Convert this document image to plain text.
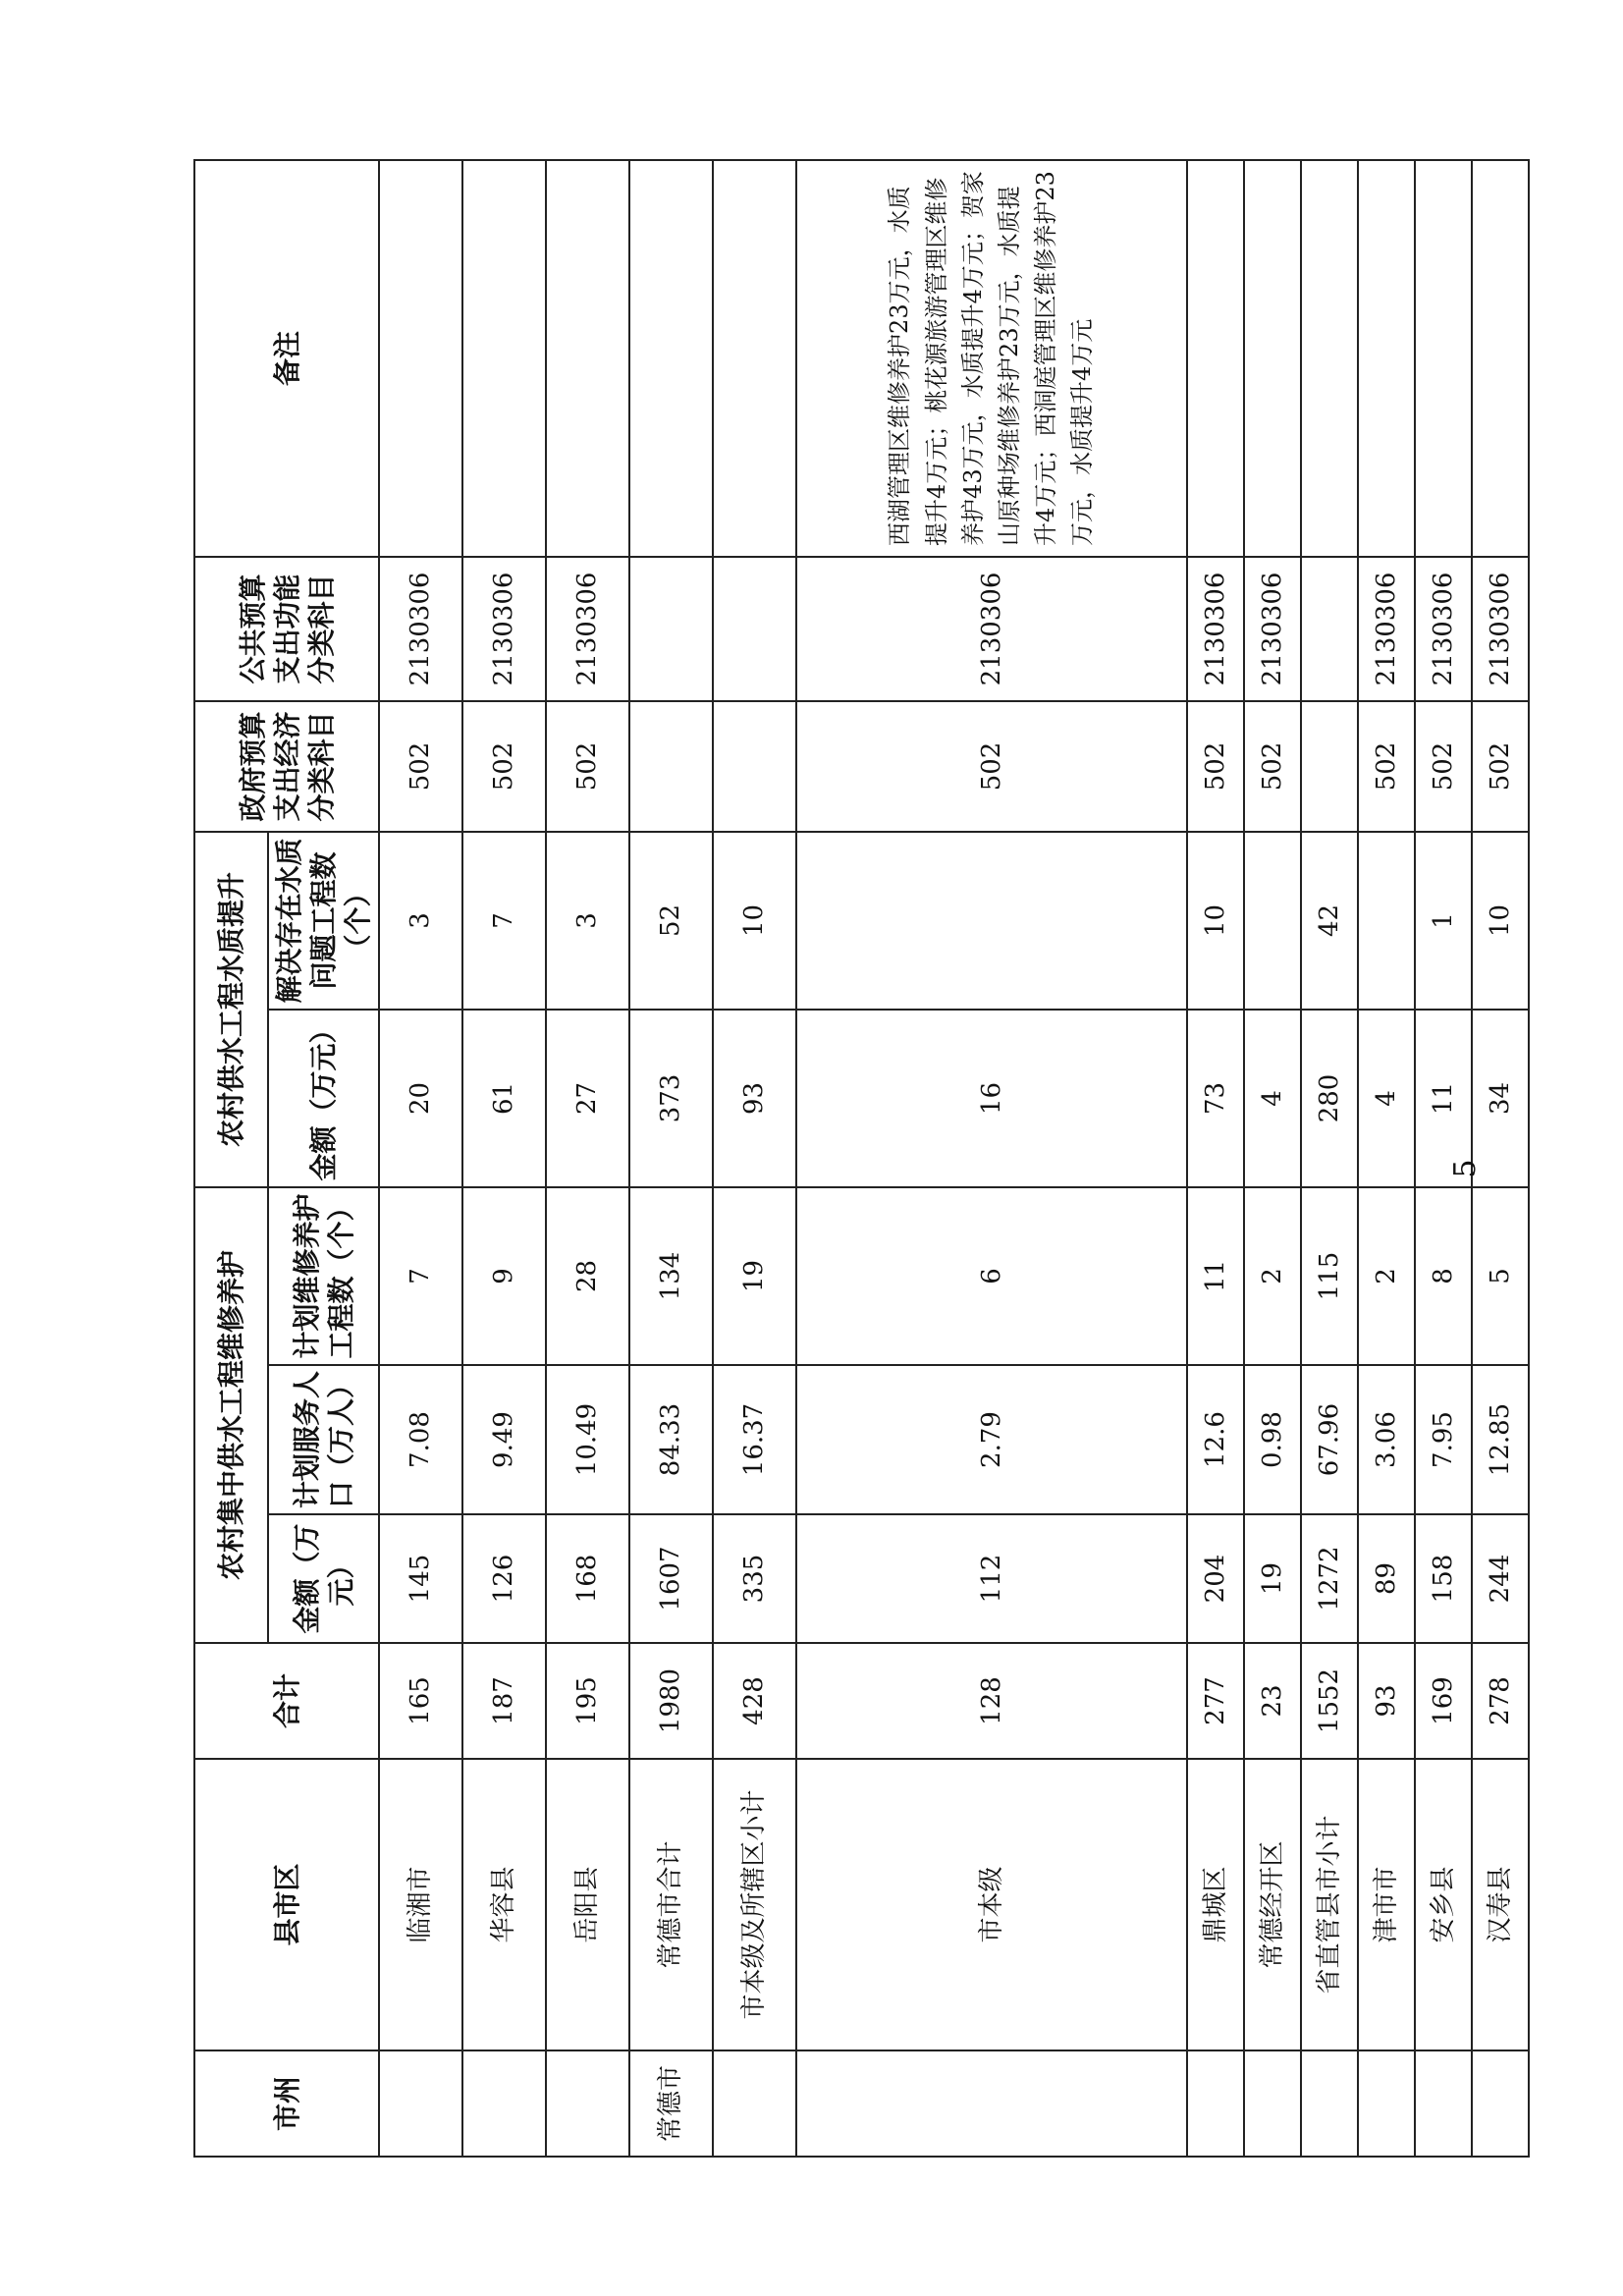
市州	县市区	合计	农村集中供水工程维修养护			农村供水工程水质提升		政府预算支出经济分类科目	公共预算支出功能分类科目	备注
			金额（万元）	计划服务人口（万人）	计划维修养护工程数（个）	金额（万元）	解决存在水质问题工程数（个）			
	临湘市	165	145	7.08	7	20	3	502	2130306	
	华容县	187	126	9.49	9	61	7	502	2130306	
	岳阳县	195	168	10.49	28	27	3	502	2130306	
常德市	常德市合计	1980	1607	84.33	134	373	52			
	市本级及所辖区小计	428	335	16.37	19	93	10			
	市本级	128	112	2.79	6	16		502	2130306	西湖管理区维修养护23万元，水质提升4万元；桃花源旅游管理区维修养护43万元，水质提升4万元；贺家山原种场维修养护23万元，水质提升4万元；西洞庭管理区维修养护23万元，水质提升4万元
	鼎城区	277	204	12.6	11	73	10	502	2130306	
	常德经开区	23	19	0.98	2	4		502	2130306	
	省直管县市小计	1552	1272	67.96	115	280	42			
	津市市	93	89	3.06	2	4		502	2130306	
	安乡县	169	158	7.95	8	11	1	502	2130306	
	汉寿县	278	244	12.85	5	34	10	502	2130306	
5
